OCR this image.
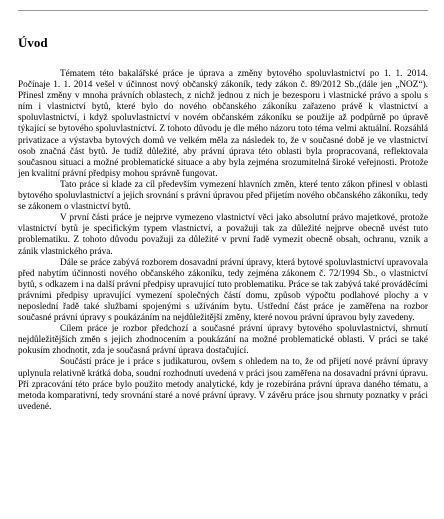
Úvod

Tématem této bakalářské práce je úprava a změny bytového spoluvlastnictví po 1. 1. 2014. Počínaje 1. 1. 2014 vešel v účinnost nový občanský zákoník, tedy zákon č. 89/2012 Sb.,(dále jen „NOZ“). Přinesl změny v mnoha právních oblastech, z nichž jednou z nich je bezesporu i vlastnické právo a spolu s ním i vlastnictví bytů, které bylo do nového občanského zákoníku zařazeno právě k vlastnictví a spoluvlastnictví, i když spoluvlastnictví v novém občanském zákoníku se použije až podpůrně po úpravě týkající se bytového spoluvlastnictví. Z tohoto důvodu je dle mého názoru toto téma velmi aktuální. Rozsáhlá privatizace a výstavba bytových domů ve velkém měla za následek to, že v současné době je ve vlastnictví osob značná část bytů. Je tudíž důležité, aby právní úprava této oblasti byla propracovaná, reflektovala současnou situaci a možné problematické situace a aby byla zejména srozumitelná široké veřejnosti. Protože jen kvalitní právní předpisy mohou správně fungovat.

Tato práce si klade za cíl především vymezení hlavních změn, které tento zákon přinesl v oblasti bytového spoluvlastnictví a jejich srovnání s právní úpravou před přijetím nového občanského zákoníku, tedy se zákonem o vlastnictví bytů.

V první části práce je nejprve vymezeno vlastnictví věci jako absolutní právo majetkové, protože vlastnictví bytů je specifickým typem vlastnictví, a považuji tak za důležité nejprve obecně uvést tuto problematiku. Z tohoto důvodu považuji za důležité v první řadě vymezit obecně obsah, ochranu, vznik a zánik vlastnického práva.

Dále se práce zabývá rozborem dosavadní právní úpravy, která bytové spoluvlastnictví upravovala před nabytím účinnosti nového občanského zákoníku, tedy zejména zákonem č. 72/1994 Sb., o vlastnictví bytů, s odkazem i na další právní předpisy upravující tuto problematiku. Práce se tak zabývá také prováděcími právními předpisy upravující vymezení společných částí domu, způsob výpočtu podlahové plochy a v neposlední řadě také službami spojenými s užíváním bytu. Ustřední část práce je zaměřena na rozbor současné právní úpravy s poukázáním na nejdůležitější změny, které novou právní úpravou byly zavedeny.

Cílem práce je rozbor předchozí a současné právní úpravy bytového spoluvlastnictví, shrnutí nejdůležitějších změn s jejich zhodnocením a poukázání na možné problematické oblasti. V práci se také pokusím zhodnotit, zda je současná právní úprava dostačující.

Součástí práce je i práce s judikaturou, ovšem s ohledem na to, že od přijetí nové právní úpravy uplynula relativně krátká doba, soudní rozhodnutí uvedená v práci jsou zaměřena na dosavadní právní úpravu. Při zpracování této práce bylo použito metody analytické, kdy je rozebírána právní úprava daného tématu, a metoda komparativní, tedy srovnání staré a nové právní úpravy. V závěru práce jsou shrnuty poznatky v práci uvedené.
